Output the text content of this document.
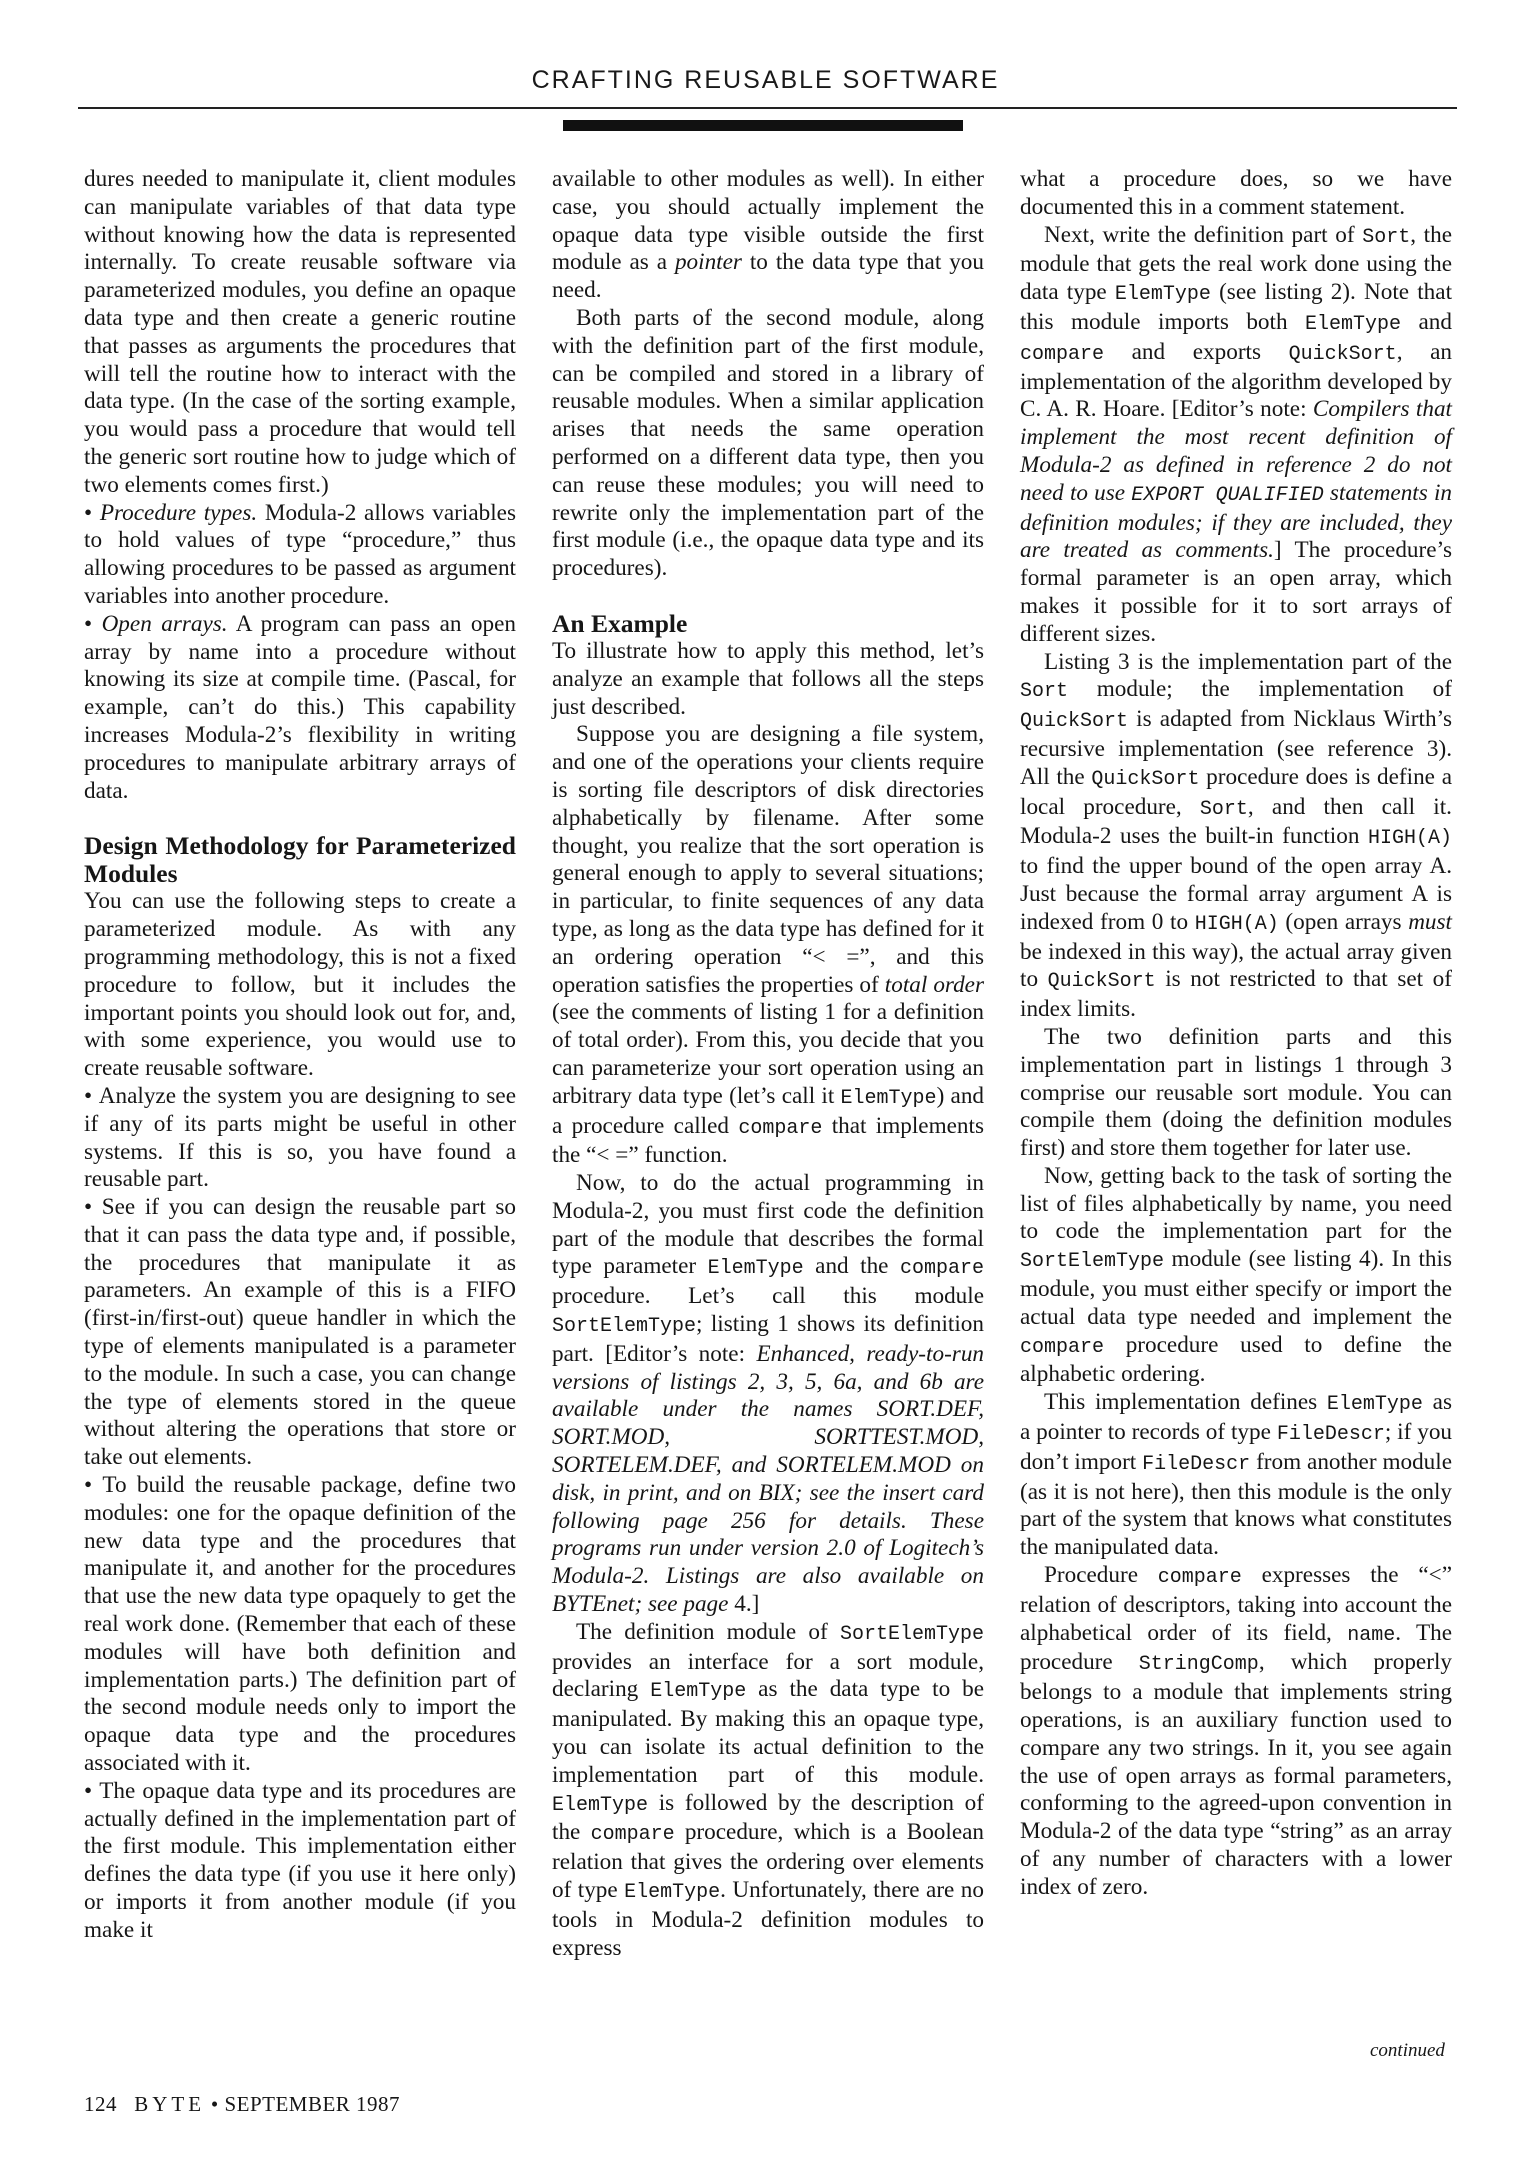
CRAFTING REUSABLE SOFTWARE

dures needed to manipulate it, client modules can manipulate variables of that data type without knowing how the data is represented internally. To create reusable software via parameterized modules, you define an opaque data type and then create a generic routine that passes as arguments the procedures that will tell the routine how to interact with the data type. (In the case of the sorting example, you would pass a procedure that would tell the generic sort routine how to judge which of two elements comes first.)

• Procedure types. Modula-2 allows variables to hold values of type “procedure,” thus allowing procedures to be passed as argument variables into another procedure.

• Open arrays. A program can pass an open array by name into a procedure without knowing its size at compile time. (Pascal, for example, can’t do this.) This capability increases Modula-2’s flexibility in writing procedures to manipulate arbitrary arrays of data.

Design Methodology for Parameterized Modules

You can use the following steps to create a parameterized module. As with any programming methodology, this is not a fixed procedure to follow, but it includes the important points you should look out for, and, with some experience, you would use to create reusable software.

• Analyze the system you are designing to see if any of its parts might be useful in other systems. If this is so, you have found a reusable part.

• See if you can design the reusable part so that it can pass the data type and, if possible, the procedures that manipulate it as parameters. An example of this is a FIFO (first-in/first-out) queue handler in which the type of elements manipulated is a parameter to the module. In such a case, you can change the type of elements stored in the queue without altering the operations that store or take out elements.

• To build the reusable package, define two modules: one for the opaque definition of the new data type and the procedures that manipulate it, and another for the procedures that use the new data type opaquely to get the real work done. (Remember that each of these modules will have both definition and implementation parts.) The definition part of the second module needs only to import the opaque data type and the procedures associated with it.

• The opaque data type and its procedures are actually defined in the implementation part of the first module. This implementation either defines the data type (if you use it here only) or imports it from another module (if you make it

available to other modules as well). In either case, you should actually implement the opaque data type visible outside the first module as a pointer to the data type that you need.

Both parts of the second module, along with the definition part of the first module, can be compiled and stored in a library of reusable modules. When a similar application arises that needs the same operation performed on a different data type, then you can reuse these modules; you will need to rewrite only the implementation part of the first module (i.e., the opaque data type and its procedures).

An Example

To illustrate how to apply this method, let’s analyze an example that follows all the steps just described.

Suppose you are designing a file system, and one of the operations your clients require is sorting file descriptors of disk directories alphabetically by filename. After some thought, you realize that the sort operation is general enough to apply to several situations; in particular, to finite sequences of any data type, as long as the data type has defined for it an ordering operation “< =”, and this operation satisfies the properties of total order (see the comments of listing 1 for a definition of total order). From this, you decide that you can parameterize your sort operation using an arbitrary data type (let’s call it ElemType) and a procedure called compare that implements the “< =” function.

Now, to do the actual programming in Modula-2, you must first code the definition part of the module that describes the formal type parameter ElemType and the compare procedure. Let’s call this module SortElemType; listing 1 shows its definition part. [Editor’s note: Enhanced, ready-to-run versions of listings 2, 3, 5, 6a, and 6b are available under the names SORT.DEF, SORT.MOD, SORTTEST.MOD, SORTELEM.DEF, and SORTELEM.MOD on disk, in print, and on BIX; see the insert card following page 256 for details. These programs run under version 2.0 of Logitech’s Modula-2. Listings are also available on BYTEnet; see page 4.]

The definition module of SortElemType provides an interface for a sort module, declaring ElemType as the data type to be manipulated. By making this an opaque type, you can isolate its actual definition to the implementation part of this module. ElemType is followed by the description of the compare procedure, which is a Boolean relation that gives the ordering over elements of type ElemType. Unfortunately, there are no tools in Modula-2 definition modules to express

what a procedure does, so we have documented this in a comment statement.

Next, write the definition part of Sort, the module that gets the real work done using the data type ElemType (see listing 2). Note that this module imports both ElemType and compare and exports QuickSort, an implementation of the algorithm developed by C. A. R. Hoare. [Editor’s note: Compilers that implement the most recent definition of Modula-2 as defined in reference 2 do not need to use EXPORT QUALIFIED statements in definition modules; if they are included, they are treated as comments.] The procedure’s formal parameter is an open array, which makes it possible for it to sort arrays of different sizes.

Listing 3 is the implementation part of the Sort module; the implementation of QuickSort is adapted from Nicklaus Wirth’s recursive implementation (see reference 3). All the QuickSort procedure does is define a local procedure, Sort, and then call it. Modula-2 uses the built-in function HIGH(A) to find the upper bound of the open array A. Just because the formal array argument A is indexed from 0 to HIGH(A) (open arrays must be indexed in this way), the actual array given to QuickSort is not restricted to that set of index limits.

The two definition parts and this implementation part in listings 1 through 3 comprise our reusable sort module. You can compile them (doing the definition modules first) and store them together for later use.

Now, getting back to the task of sorting the list of files alphabetically by name, you need to code the implementation part for the SortElemType module (see listing 4). In this module, you must either specify or import the actual data type needed and implement the compare procedure used to define the alphabetic ordering.

This implementation defines ElemType as a pointer to records of type FileDescr; if you don’t import FileDescr from another module (as it is not here), then this module is the only part of the system that knows what constitutes the manipulated data.

Procedure compare expresses the “<” relation of descriptors, taking into account the alphabetical order of its field, name. The procedure StringComp, which properly belongs to a module that implements string operations, is an auxiliary function used to compare any two strings. In it, you see again the use of open arrays as formal parameters, conforming to the agreed-upon convention in Modula-2 of the data type “string” as an array of any number of characters with a lower index of zero.

continued
124 BYTE • SEPTEMBER 1987
